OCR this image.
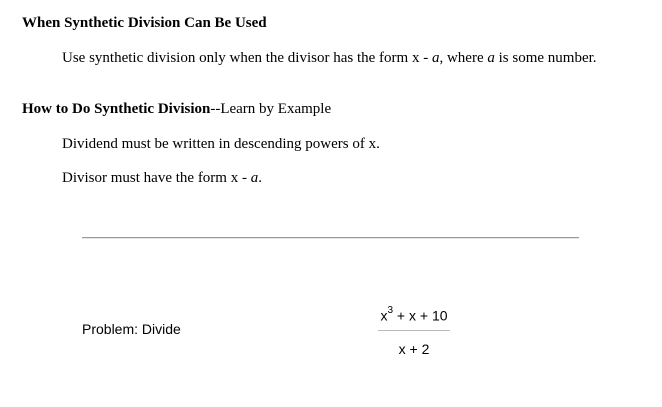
When Synthetic Division Can Be Used

Use synthetic division only when the divisor has the form x - a, where a is some number.

How to Do Synthetic Division--Learn by Example

Dividend must be written in descending powers of x.

Divisor must have the form x - a.

Problem: Divide
$x^3 + x + 10$
x + 2
